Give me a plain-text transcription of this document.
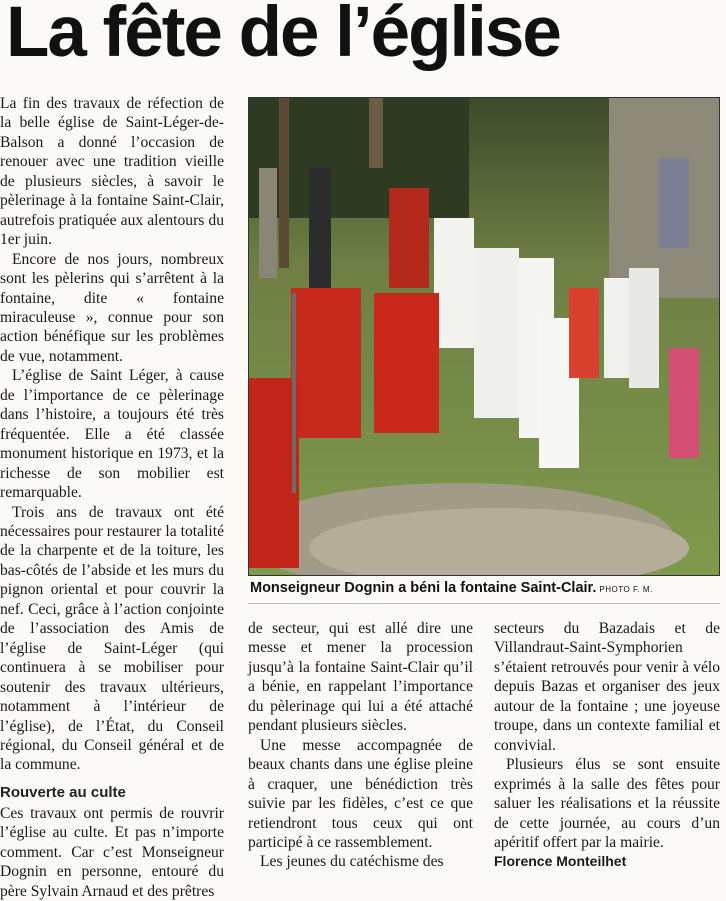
La fête de l’église

La fin des travaux de réfection de la belle église de Saint-Léger-de-Balson a donné l’occasion de renouer avec une tradition vieille de plusieurs siècles, à savoir le pèlerinage à la fontaine Saint-Clair, autrefois pratiquée aux alentours du 1er juin.

Encore de nos jours, nombreux sont les pèlerins qui s’arrêtent à la fontaine, dite « fontaine miraculeuse », connue pour son action bénéfique sur les problèmes de vue, notamment.

L’église de Saint Léger, à cause de l’importance de ce pèlerinage dans l’histoire, a toujours été très fréquentée. Elle a été classée monument historique en 1973, et la richesse de son mobilier est remarquable.

Trois ans de travaux ont été nécessaires pour restaurer la totalité de la charpente et de la toiture, les bas-côtés de l’abside et les murs du pignon oriental et pour couvrir la nef. Ceci, grâce à l’action conjointe de l’association des Amis de l’église de Saint-Léger (qui continuera à se mobiliser pour soutenir des travaux ultérieurs, notamment à l’intérieur de l’église), de l’État, du Conseil régional, du Conseil général et de la commune.

Rouverte au culte

Ces travaux ont permis de rouvrir l’église au culte. Et pas n’importe comment. Car c’est Monseigneur Dognin en personne, entouré du père Sylvain Arnaud et des prêtres

Monseigneur Dognin a béni la fontaine Saint-Clair. PHOTO F. M.

de secteur, qui est allé dire une messe et mener la procession jusqu’à la fontaine Saint-Clair qu’il a bénie, en rappelant l’importance du pèlerinage qui lui a été attaché pendant plusieurs siècles.

Une messe accompagnée de beaux chants dans une église pleine à craquer, une bénédiction très suivie par les fidèles, c’est ce que retiendront tous ceux qui ont participé à ce rassemblement.

Les jeunes du catéchisme des

secteurs du Bazadais et de Villandraut-Saint-Symphorien s’étaient retrouvés pour venir à vélo depuis Bazas et organiser des jeux autour de la fontaine ; une joyeuse troupe, dans un contexte familial et convivial.

Plusieurs élus se sont ensuite exprimés à la salle des fêtes pour saluer les réalisations et la réussite de cette journée, au cours d’un apéritif offert par la mairie.

Florence Monteilhet
